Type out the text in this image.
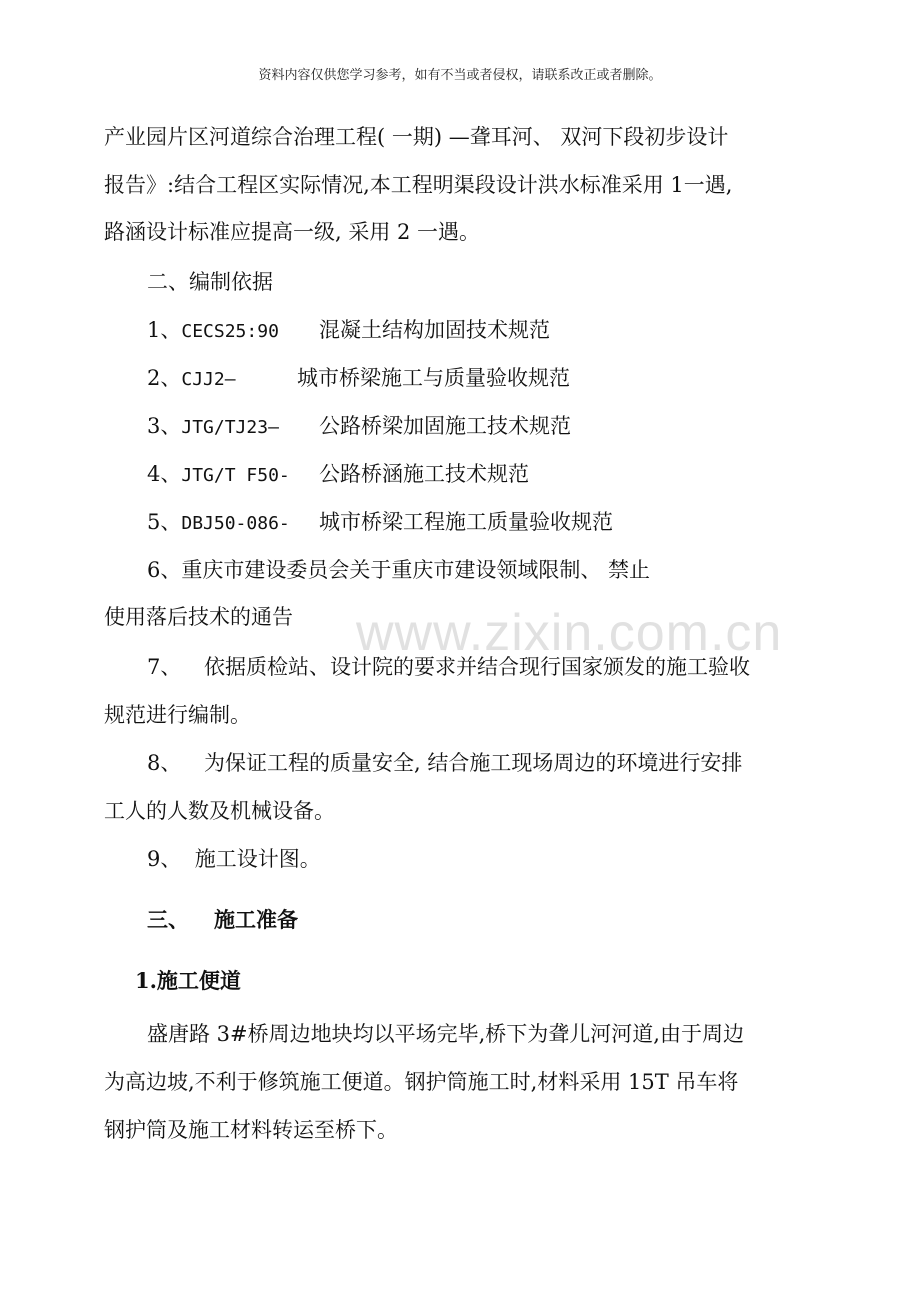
资料内容仅供您学习参考，如有不当或者侵权，请联系改正或者删除。
产业园片区河道综合治理工程( 一期) —聋耳河、 双河下段初步设计
报告》:结合工程区实际情况,本工程明渠段设计洪水标准采用 1一遇,
路涵设计标准应提高一级, 采用 2 一遇。
二、编制依据
1、CECS25:90 混凝土结构加固技术规范
2、CJJ2—	城市桥梁施工与质量验收规范
3、JTG/TJ23— 公路桥梁加固施工技术规范
4、JTG/T F50- 公路桥涵施工技术规范
5、DBJ50-086- 城市桥梁工程施工质量验收规范
6、重庆市建设委员会关于重庆市建设领域限制、 禁止
使用落后技术的通告
7、 依据质检站、设计院的要求并结合现行国家颁发的施工验收
规范进行编制。
8、 为保证工程的质量安全, 结合施工现场周边的环境进行安排
工人的人数及机械设备。
9、  施工设计图。
三、 施工准备
1.施工便道
盛唐路 3#桥周边地块均以平场完毕,桥下为聋儿河河道,由于周边
为高边坡,不利于修筑施工便道。钢护筒施工时,材料采用 15T 吊车将
钢护筒及施工材料转运至桥下。
www.zixin.com.cn
